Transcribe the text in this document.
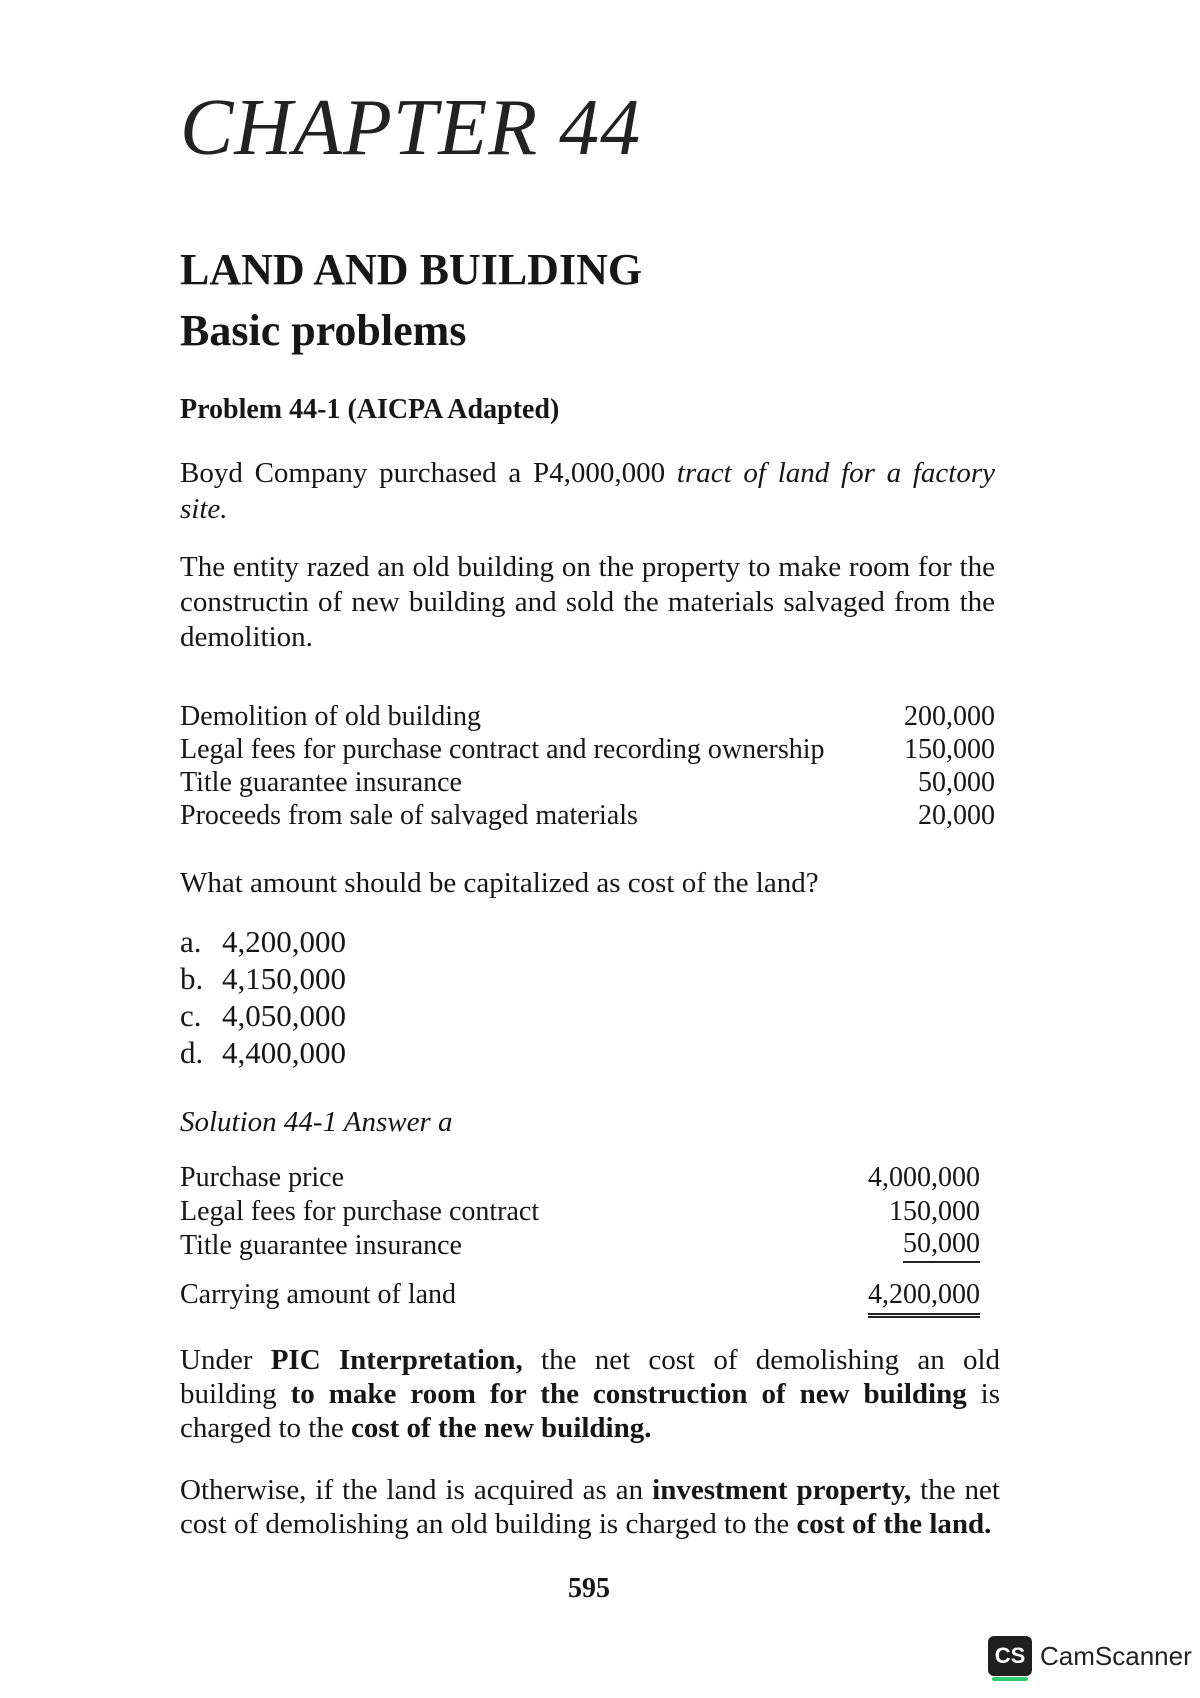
CHAPTER 44
LAND AND BUILDING
Basic problems
Problem 44-1 (AICPA Adapted)
Boyd Company purchased a P4,000,000 tract of land for a factory site.
The entity razed an old building on the property to make room for the constructin of new building and sold the materials salvaged from the demolition.
Demolition of old building	200,000
Legal fees for purchase contract and recording ownership	150,000
Title guarantee insurance	50,000
Proceeds from sale of salvaged materials	20,000
What amount should be capitalized as cost of the land?
a. 4,200,000
b. 4,150,000
c. 4,050,000
d. 4,400,000
Solution 44-1 Answer a
Purchase price	4,000,000
Legal fees for purchase contract	150,000
Title guarantee insurance	50,000
Carrying amount of land	4,200,000
Under PIC Interpretation, the net cost of demolishing an old building to make room for the construction of new building is charged to the cost of the new building.
Otherwise, if the land is acquired as an investment property, the net cost of demolishing an old building is charged to the cost of the land.
595
CS CamScanner
